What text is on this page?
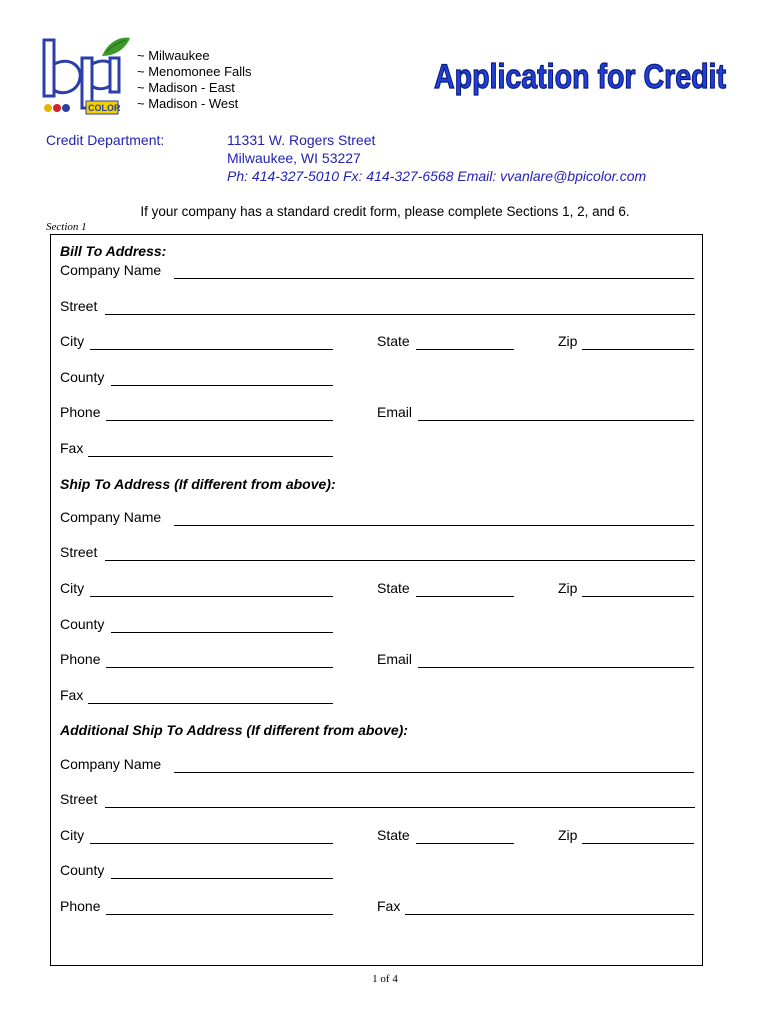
COLOR
~ Milwaukee
~ Menomonee Falls
~ Madison - East
~ Madison - West
Application for Credit
Credit Department:	11331 W. Rogers Street
Milwaukee, WI 53227
Ph: 414-327-5010 Fx: 414-327-6568 Email: vvanlare@bpicolor.com
If your company has a standard credit form, please complete Sections 1, 2, and 6.
Section 1
Bill To Address:
Company Name
Street
City	State	Zip
County
Phone	Email
Fax
Ship To Address (If different from above):
Company Name
Street
City	State	Zip
County
Phone	Email
Fax
Additional Ship To Address (If different from above):
Company Name
Street
City	State	Zip
County
Phone	Fax
1 of 4
